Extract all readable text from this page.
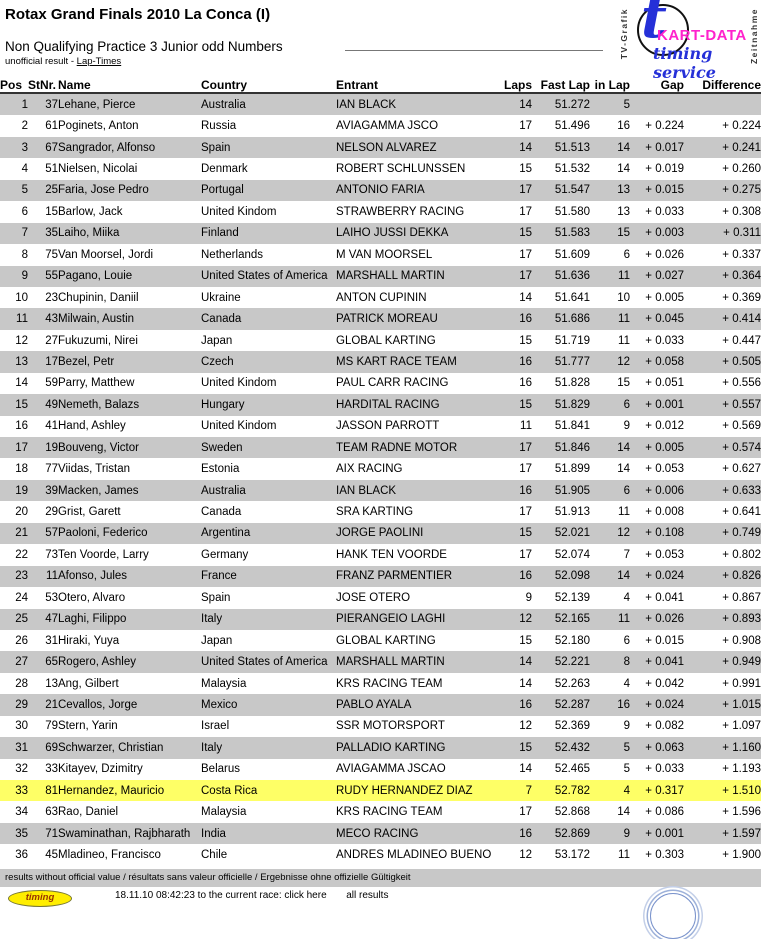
Rotax Grand Finals 2010 La Conca (I)
Non Qualifying Practice 3 Junior odd Numbers
unofficial result - Lap-Times
TV-Grafik t
KART-DATA
timing service
Zeitnahme
Pos	StNr.	Name	Country	Entrant	Laps	Fast Lap	in Lap	Gap	Difference
1	37	Lehane, Pierce	Australia	IAN BLACK	14	51.272	5		
2	61	Poginets, Anton	Russia	AVIAGAMMA JSCO	17	51.496	16	+ 0.224	+ 0.224
3	67	Sangrador, Alfonso	Spain	NELSON ALVAREZ	14	51.513	14	+ 0.017	+ 0.241
4	51	Nielsen, Nicolai	Denmark	ROBERT SCHLUNSSEN	15	51.532	14	+ 0.019	+ 0.260
5	25	Faria, Jose Pedro	Portugal	ANTONIO FARIA	17	51.547	13	+ 0.015	+ 0.275
6	15	Barlow, Jack	United Kindom	STRAWBERRY RACING	17	51.580	13	+ 0.033	+ 0.308
7	35	Laiho, Miika	Finland	LAIHO JUSSI DEKKA	15	51.583	15	+ 0.003	+ 0.311
8	75	Van Moorsel, Jordi	Netherlands	M VAN MOORSEL	17	51.609	6	+ 0.026	+ 0.337
9	55	Pagano, Louie	United States of America	MARSHALL MARTIN	17	51.636	11	+ 0.027	+ 0.364
10	23	Chupinin, Daniil	Ukraine	ANTON CUPININ	14	51.641	10	+ 0.005	+ 0.369
11	43	Milwain, Austin	Canada	PATRICK MOREAU	16	51.686	11	+ 0.045	+ 0.414
12	27	Fukuzumi, Nirei	Japan	GLOBAL KARTING	15	51.719	11	+ 0.033	+ 0.447
13	17	Bezel, Petr	Czech	MS KART RACE TEAM	16	51.777	12	+ 0.058	+ 0.505
14	59	Parry, Matthew	United Kindom	PAUL CARR RACING	16	51.828	15	+ 0.051	+ 0.556
15	49	Nemeth, Balazs	Hungary	HARDITAL RACING	15	51.829	6	+ 0.001	+ 0.557
16	41	Hand, Ashley	United Kindom	JASSON PARROTT	11	51.841	9	+ 0.012	+ 0.569
17	19	Bouveng, Victor	Sweden	TEAM RADNE MOTOR	17	51.846	14	+ 0.005	+ 0.574
18	77	Viidas, Tristan	Estonia	AIX RACING	17	51.899	14	+ 0.053	+ 0.627
19	39	Macken, James	Australia	IAN BLACK	16	51.905	6	+ 0.006	+ 0.633
20	29	Grist, Garett	Canada	SRA KARTING	17	51.913	11	+ 0.008	+ 0.641
21	57	Paoloni, Federico	Argentina	JORGE PAOLINI	15	52.021	12	+ 0.108	+ 0.749
22	73	Ten Voorde, Larry	Germany	HANK TEN VOORDE	17	52.074	7	+ 0.053	+ 0.802
23	11	Afonso, Jules	France	FRANZ PARMENTIER	16	52.098	14	+ 0.024	+ 0.826
24	53	Otero, Alvaro	Spain	JOSE OTERO	9	52.139	4	+ 0.041	+ 0.867
25	47	Laghi, Filippo	Italy	PIERANGEIO LAGHI	12	52.165	11	+ 0.026	+ 0.893
26	31	Hiraki, Yuya	Japan	GLOBAL KARTING	15	52.180	6	+ 0.015	+ 0.908
27	65	Rogero, Ashley	United States of America	MARSHALL MARTIN	14	52.221	8	+ 0.041	+ 0.949
28	13	Ang, Gilbert	Malaysia	KRS RACING TEAM	14	52.263	4	+ 0.042	+ 0.991
29	21	Cevallos, Jorge	Mexico	PABLO AYALA	16	52.287	16	+ 0.024	+ 1.015
30	79	Stern, Yarin	Israel	SSR MOTORSPORT	12	52.369	9	+ 0.082	+ 1.097
31	69	Schwarzer, Christian	Italy	PALLADIO KARTING	15	52.432	5	+ 0.063	+ 1.160
32	33	Kitayev, Dzimitry	Belarus	AVIAGAMMA JSCAO	14	52.465	5	+ 0.033	+ 1.193
33	81	Hernandez, Mauricio	Costa Rica	RUDY HERNANDEZ DIAZ	7	52.782	4	+ 0.317	+ 1.510
34	63	Rao, Daniel	Malaysia	KRS RACING TEAM	17	52.868	14	+ 0.086	+ 1.596
35	71	Swaminathan, Rajbharath	India	MECO RACING	16	52.869	9	+ 0.001	+ 1.597
36	45	Mladineo, Francisco	Chile	ANDRES MLADINEO BUENO	12	53.172	11	+ 0.303	+ 1.900
results without official value / résultats sans valeur officielle / Ergebnisse ohne offizielle Gültigkeit
timing	18.11.10 08:42:23 to the current race: click here all results
